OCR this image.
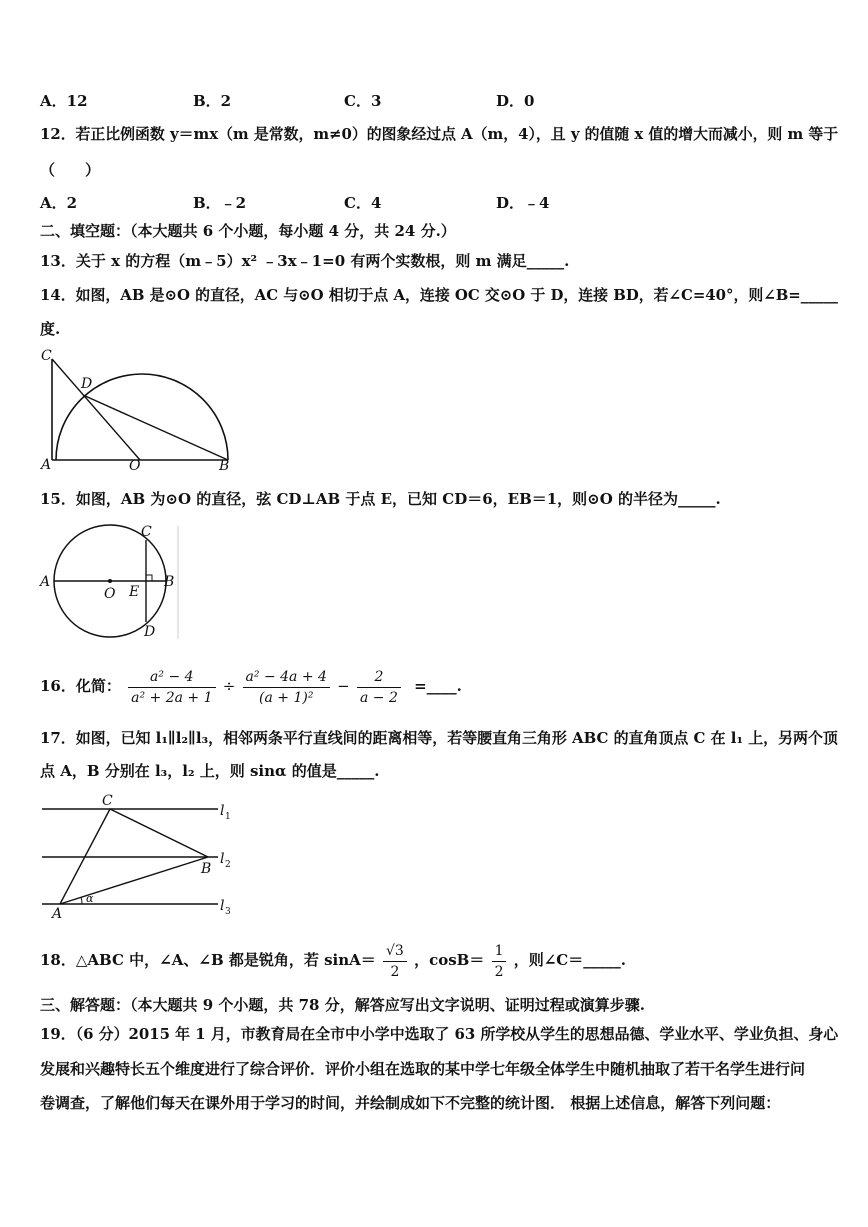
A．12	B．2	C．3	D．0
12．若正比例函数 y＝mx（m 是常数，m≠0）的图象经过点 A（m，4），且 y 的值随 x 值的增大而减小，则 m 等于
（　　）
A．2	B．﹣2	C．4	D．﹣4
二、填空题：（本大题共 6 个小题，每小题 4 分，共 24 分.）
13．关于 x 的方程（m﹣5）x² ﹣3x﹣1=0 有两个实数根，则 m 满足_____.
14．如图，AB 是⊙O 的直径，AC 与⊙O 相切于点 A，连接 OC 交⊙O 于 D，连接 BD，若∠C=40°，则∠B=_____
度.
C
D
A	O	B
15．如图，AB 为⊙O 的直径，弦 CD⊥AB 于点 E，已知 CD＝6，EB＝1，则⊙O 的半径为_____.
A
O E
B
C
D
16．化简： $\frac{\text{a² − 4}}{\text{a² + 2a + 1}} \div \frac{\text{a² − 4a + 4}}{\text{(a + 1)²}} - \frac{2}{a - 2}$ =____.
17．如图，已知 l₁∥l₂∥l₃，相邻两条平行直线间的距离相等，若等腰直角三角形 ABC 的直角顶点 C 在 l₁ 上，另两个顶
点 A，B 分别在 l₃，l₂ 上，则 sinα 的值是_____.
C
B
A
α
l 1
l 2
l 3
18．△ABC 中，∠A、∠B 都是锐角，若 $\sin A= \frac{√3}{2}$ ，$\cos B= \frac{1}{2}$ ，则∠C＝_____.
三、解答题：（本大题共 9 个小题，共 78 分，解答应写出文字说明、证明过程或演算步骤.
19．（6 分）2015 年 1 月，市教育局在全市中小学中选取了 63 所学校从学生的思想品德、学业水平、学业负担、身心
发展和兴趣特长五个维度进行了综合评价．评价小组在选取的某中学七年级全体学生中随机抽取了若干名学生进行问
卷调查，了解他们每天在课外用于学习的时间，并绘制成如下不完整的统计图． 根据上述信息，解答下列问题：
